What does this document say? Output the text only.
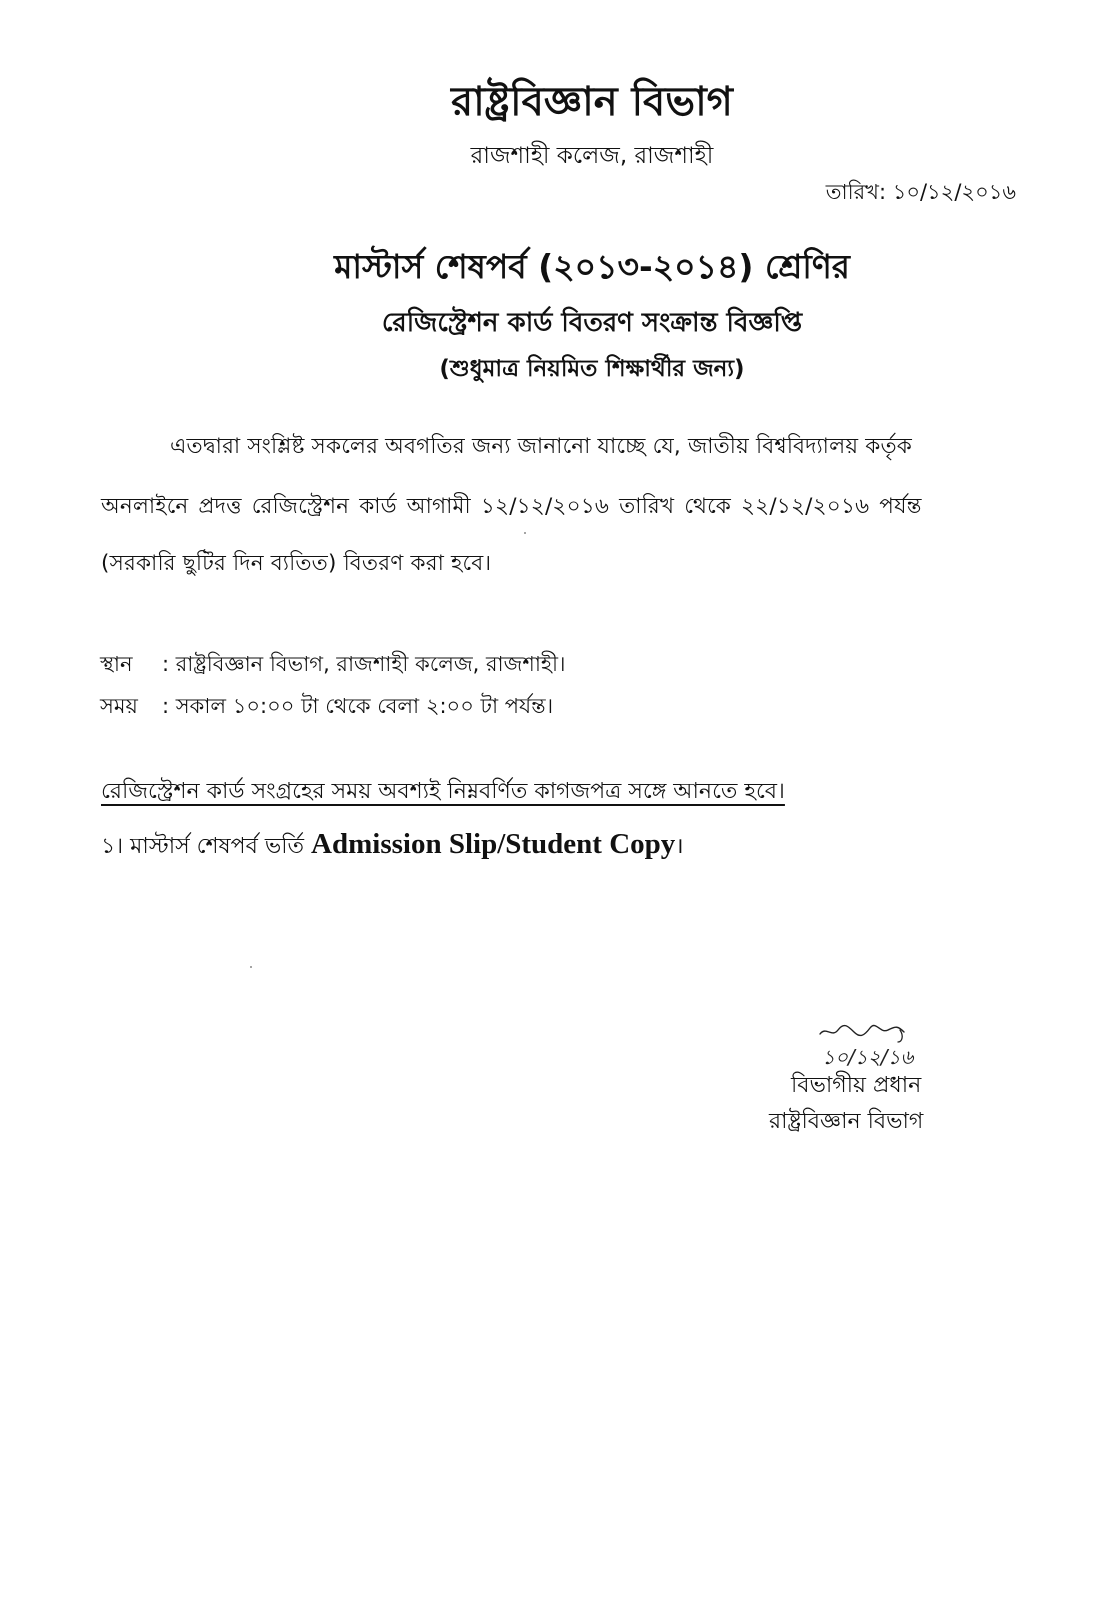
রাষ্ট্রবিজ্ঞান বিভাগ
রাজশাহী কলেজ, রাজশাহী
তারিখ: ১০/১২/২০১৬
মাস্টার্স শেষপর্ব (২০১৩-২০১৪) শ্রেণির
রেজিস্ট্রেশন কার্ড বিতরণ সংক্রান্ত বিজ্ঞপ্তি
(শুধুমাত্র নিয়মিত শিক্ষার্থীর জন্য)
এতদ্বারা সংশ্লিষ্ট সকলের অবগতির জন্য জানানো যাচ্ছে যে, জাতীয় বিশ্ববিদ্যালয় কর্তৃক
অনলাইনে প্রদত্ত রেজিস্ট্রেশন কার্ড আগামী ১২/১২/২০১৬ তারিখ থেকে ২২/১২/২০১৬ পর্যন্ত
(সরকারি ছুটির দিন ব্যতিত) বিতরণ করা হবে।
স্থান : রাষ্ট্রবিজ্ঞান বিভাগ, রাজশাহী কলেজ, রাজশাহী।
সময় : সকাল ১০:০০ টা থেকে বেলা ২:০০ টা পর্যন্ত।
রেজিস্ট্রেশন কার্ড সংগ্রহের সময় অবশ্যই নিম্নবর্ণিত কাগজপত্র সঙ্গে আনতে হবে।
১। মাস্টার্স শেষপর্ব ভর্তি Admission Slip/Student Copy।
১০/১২/১৬
বিভাগীয় প্রধান
রাষ্ট্রবিজ্ঞান বিভাগ
